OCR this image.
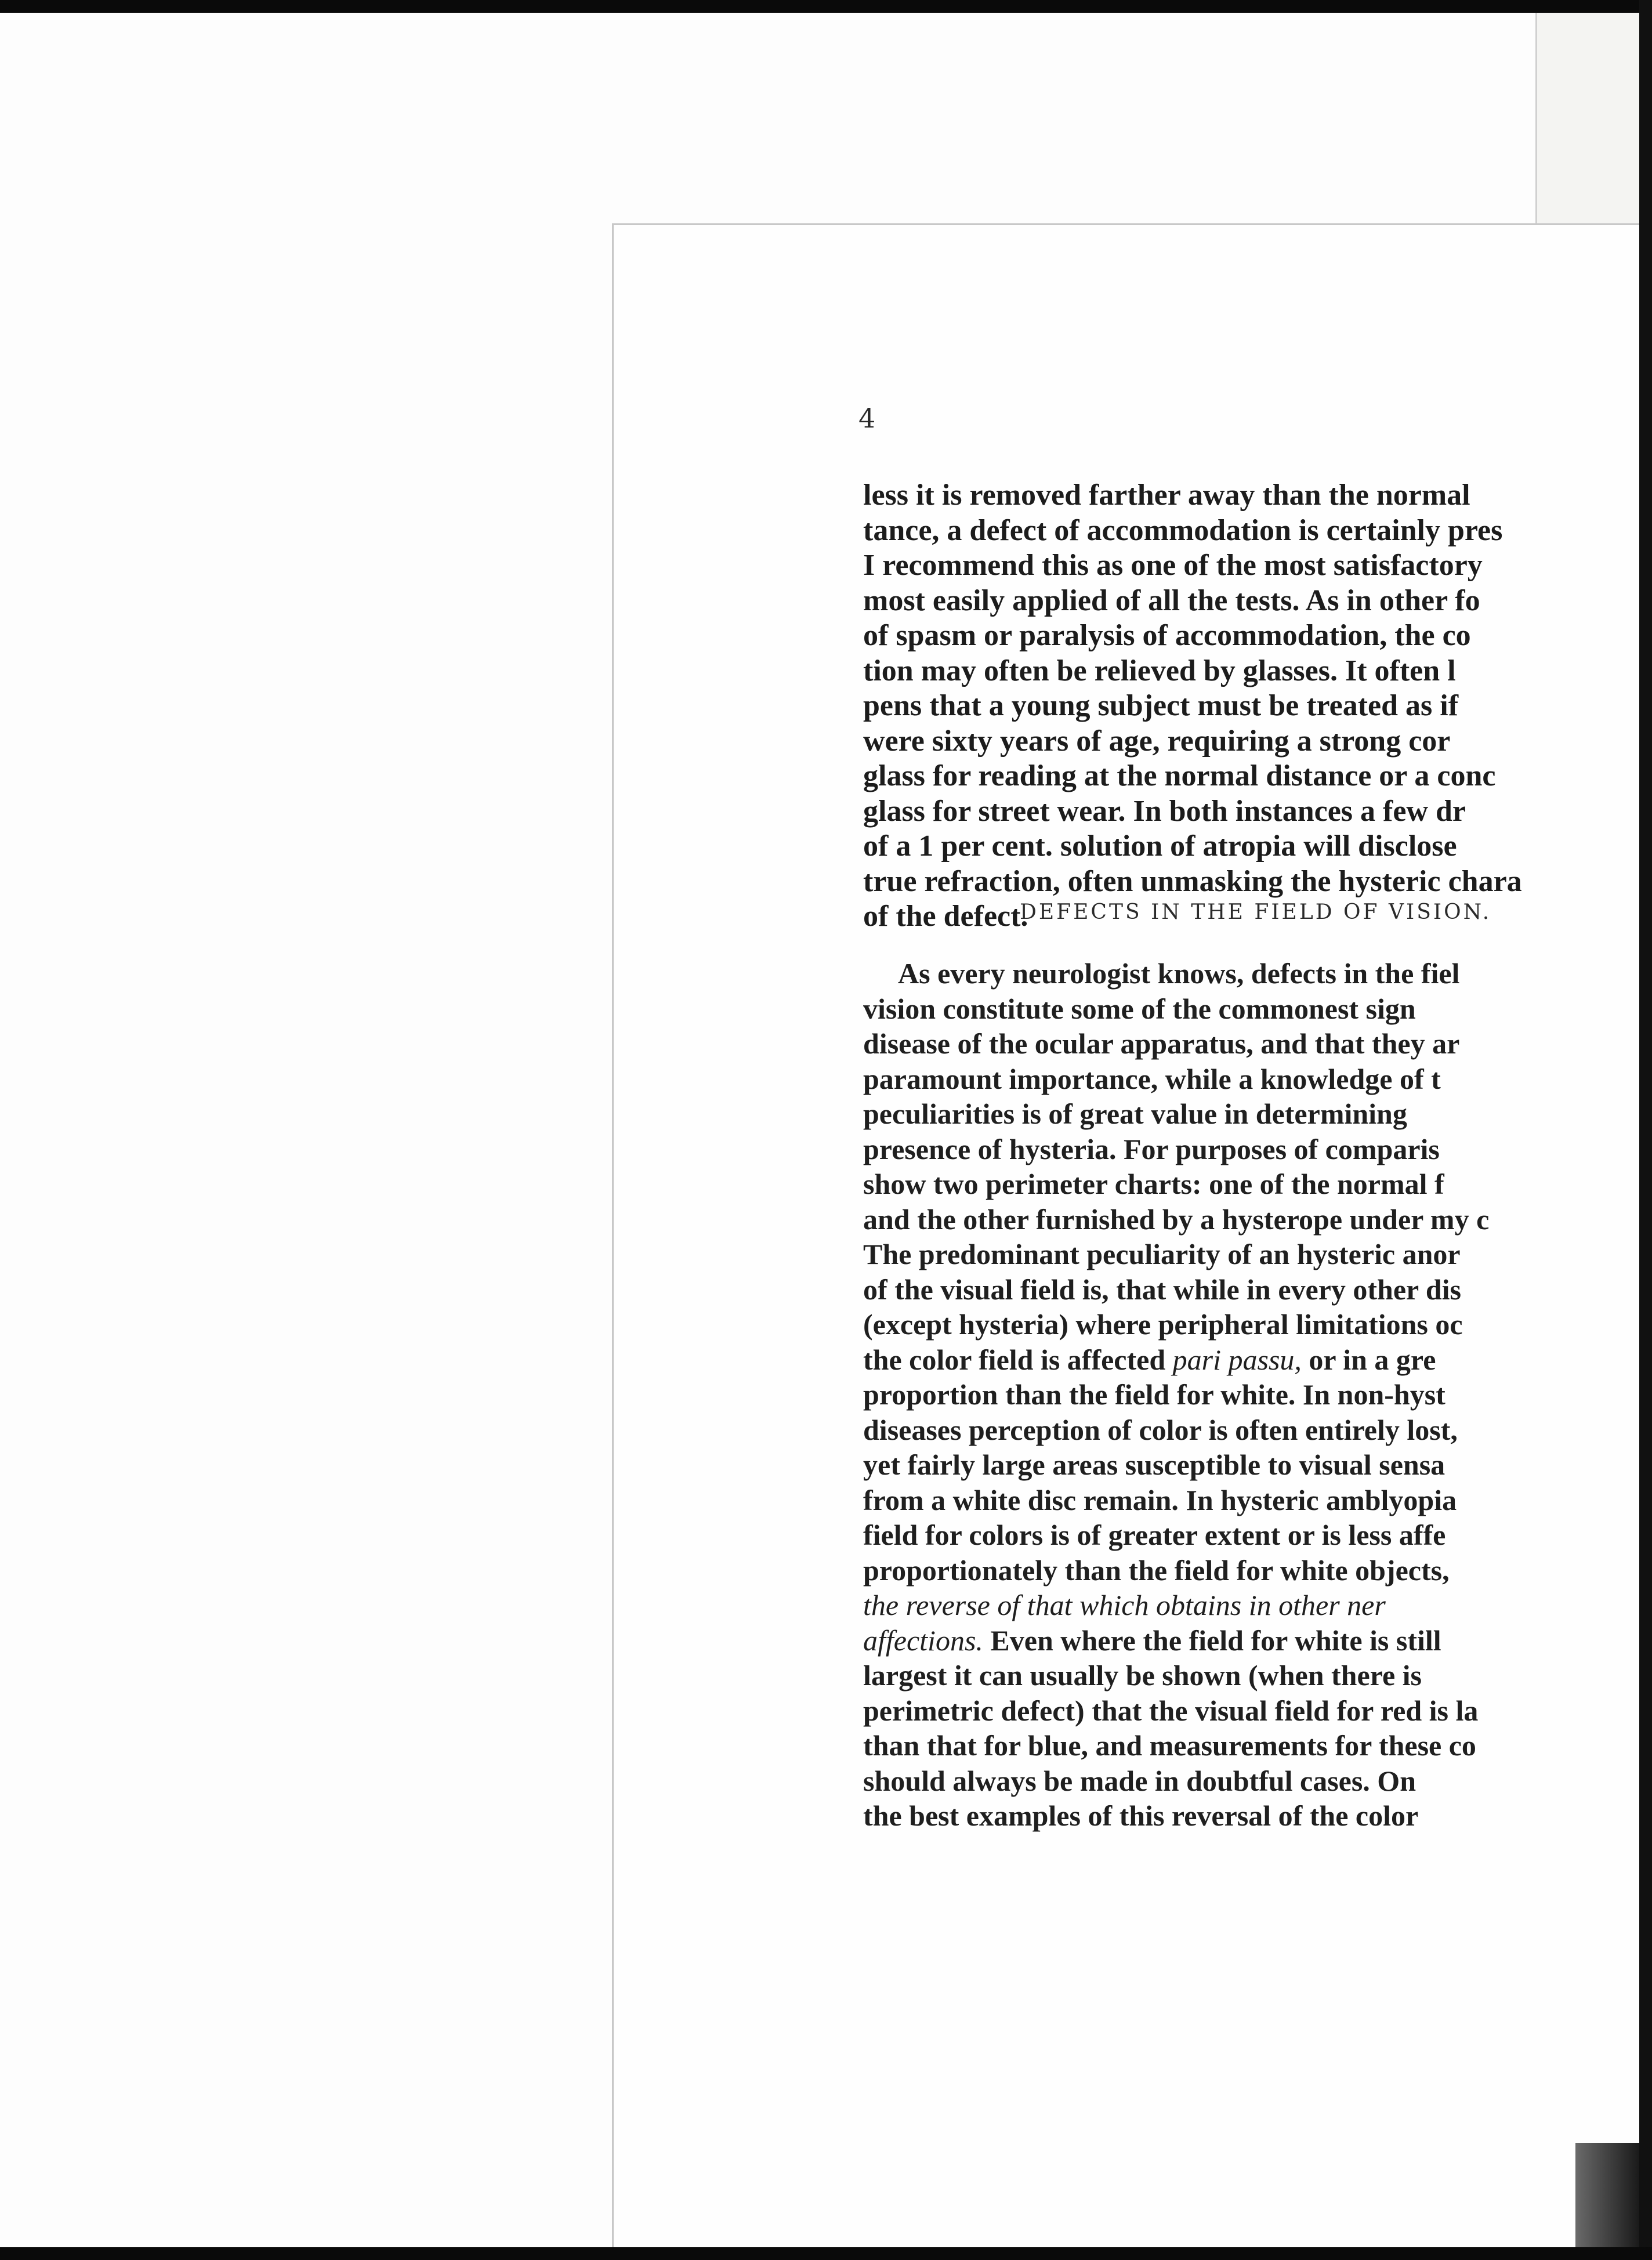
4
less it is removed farther away than the normal
tance, a defect of accommodation is certainly pres
I recommend this as one of the most satisfactory
most easily applied of all the tests. As in other fo
of spasm or paralysis of accommodation, the co
tion may often be relieved by glasses. It often l
pens that a young subject must be treated as if
were sixty years of age, requiring a strong cor
glass for reading at the normal distance or a conc
glass for street wear. In both instances a few dr
of a 1 per cent. solution of atropia will disclose
true refraction, often unmasking the hysteric chara
of the defect.
DEFECTS IN THE FIELD OF VISION.
As every neurologist knows, defects in the fiel
vision constitute some of the commonest sign
disease of the ocular apparatus, and that they ar
paramount importance, while a knowledge of t
peculiarities is of great value in determining
presence of hysteria. For purposes of comparis
show two perimeter charts: one of the normal f
and the other furnished by a hysterope under my c
The predominant peculiarity of an hysteric anor
of the visual field is, that while in every other dis
(except hysteria) where peripheral limitations oc
the color field is affected pari passu, or in a gre
proportion than the field for white. In non-hyst
diseases perception of color is often entirely lost,
yet fairly large areas susceptible to visual sensa
from a white disc remain. In hysteric amblyopia
field for colors is of greater extent or is less affe
proportionately than the field for white objects,
the reverse of that which obtains in other ner
affections. Even where the field for white is still
largest it can usually be shown (when there is
perimetric defect) that the visual field for red is la
than that for blue, and measurements for these co
should always be made in doubtful cases. On
the best examples of this reversal of the color
